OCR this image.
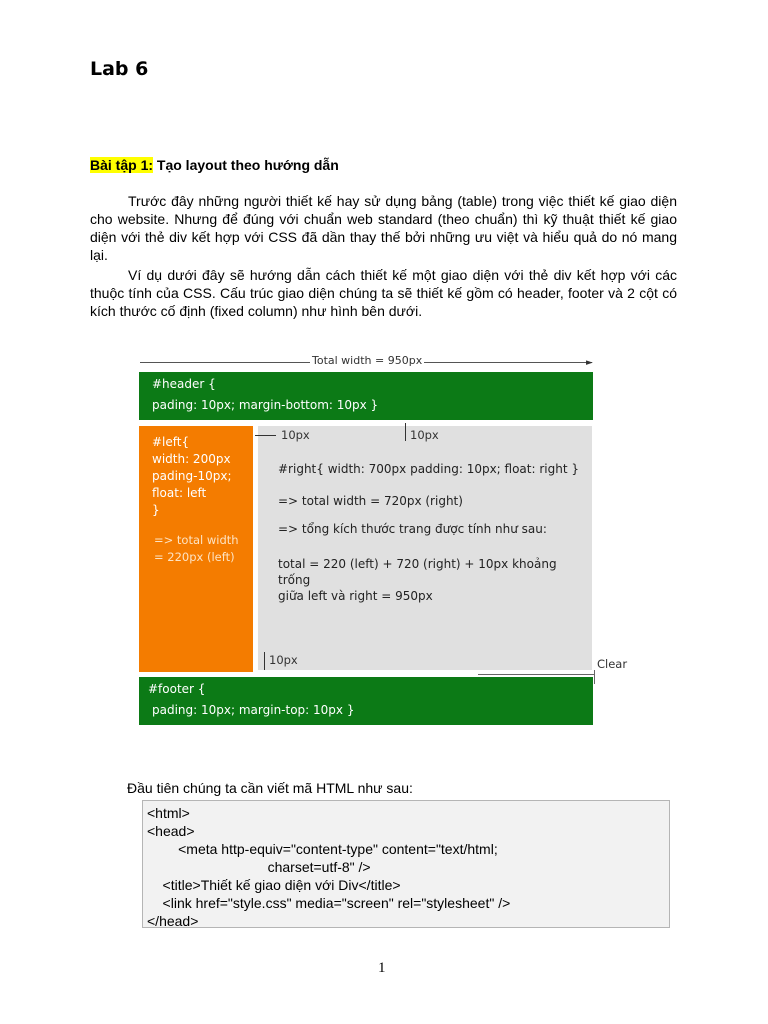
Lab 6
Bài tập 1: Tạo layout theo hướng dẫn
Trước đây những người thiết kế hay sử dụng bảng (table) trong việc thiết kế giao diện cho website. Nhưng để đúng với chuẩn web standard (theo chuẩn) thì kỹ thuật thiết kế giao diện với thẻ div kết hợp với CSS đã dần thay thế bởi những ưu việt và hiểu quả do nó mang lại.
Ví dụ dưới đây sẽ hướng dẫn cách thiết kế một giao diện với thẻ div kết hợp với các thuộc tính của CSS. Cấu trúc giao diện chúng ta sẽ thiết kế gồm có header, footer và 2 cột có kích thước cố định (fixed column) như hình bên dưới.
Total width = 950px	►
#header {
pading: 10px; margin-bottom: 10px }
#left{
width: 200px
pading-10px;
float: left
}
=> total width
= 220px (left)
#right{ width: 700px padding: 10px; float: right }
=> total width = 720px (right)
=> tổng kích thước trang được tính như sau:
total = 220 (left) + 720 (right) + 10px khoảng trống
giữa left và right = 950px
10px	10px
10px	Clear
#footer {
pading: 10px; margin-top: 10px }
Đầu tiên chúng ta cần viết mã HTML như sau:
<html>
<head>
<meta http-equiv="content-type" content="text/html;
charset=utf-8" />
<title>Thiết kế giao diện với Div</title>
<link href="style.css" media="screen" rel="stylesheet" />
</head>
1
